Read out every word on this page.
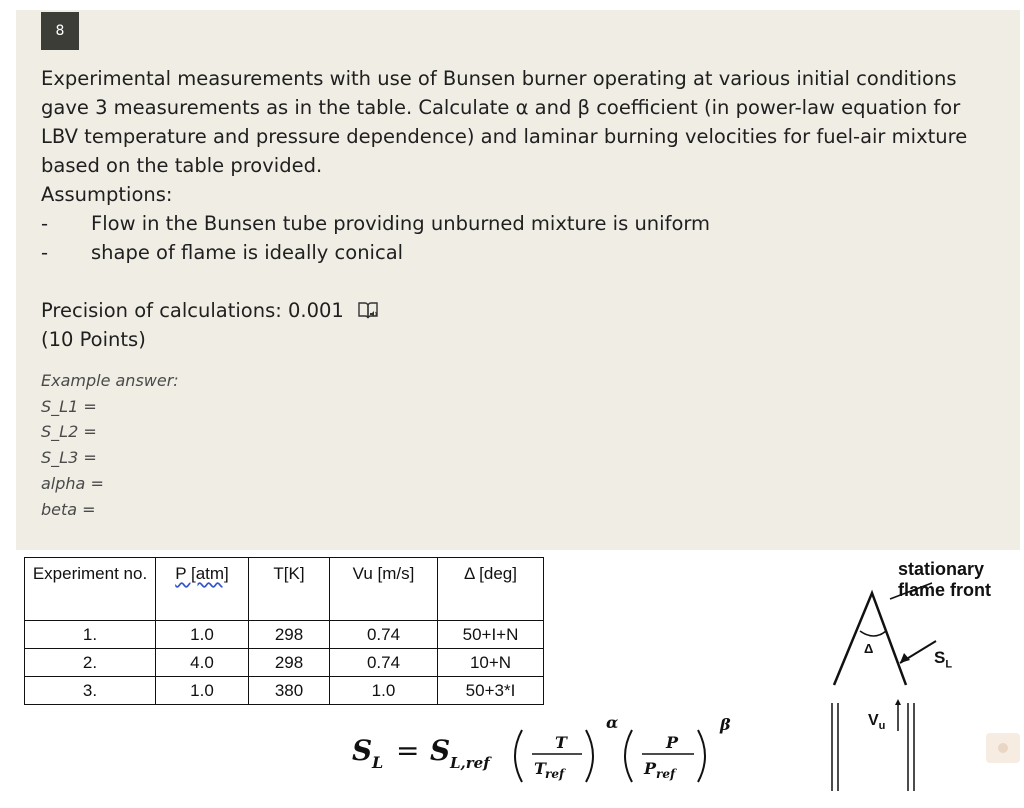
8

Experimental measurements with use of Bunsen burner operating at various initial conditions gave 3 measurements as in the table. Calculate α and β coefficient (in power-law equation for LBV temperature and pressure dependence) and laminar burning velocities for fuel-air mixture based on the table provided.

Assumptions:

-	Flow in the Bunsen tube providing unburned mixture is uniform
-	shape of flame is ideally conical
Precision of calculations: 0.001
(10 Points)
Example answer:
S_L1 =
S_L2 =
S_L3 =
alpha =
beta =
Experiment no.	P [atm]	T[K]	Vu [m/s]	Δ [deg]
1.	1.0	298	0.74	50+I+N
2.	4.0	298	0.74	10+N
3.	1.0	380	1.0	50+3*I
S L = S L,ref
T
T ref
α
P
P ref
β
stationary
flame front
Δ	$S_L$
$V_u$
